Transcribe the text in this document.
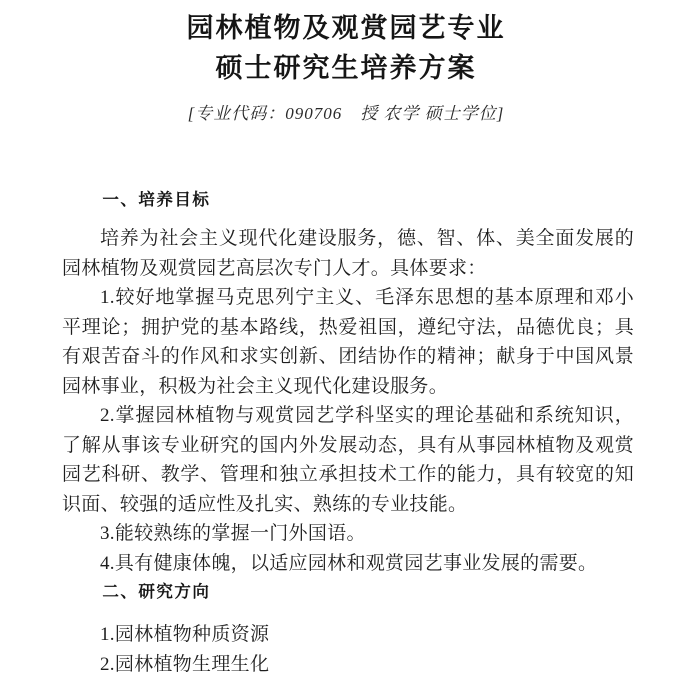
园林植物及观赏园艺专业
硕士研究生培养方案

[专业代码：090706　授 农学 硕士学位]

一、培养目标

培养为社会主义现代化建设服务，德、智、体、美全面发展的园林植物及观赏园艺高层次专门人才。具体要求：

1.较好地掌握马克思列宁主义、毛泽东思想的基本原理和邓小平理论；拥护党的基本路线，热爱祖国，遵纪守法，品德优良；具有艰苦奋斗的作风和求实创新、团结协作的精神；献身于中国风景园林事业，积极为社会主义现代化建设服务。

2.掌握园林植物与观赏园艺学科坚实的理论基础和系统知识，了解从事该专业研究的国内外发展动态，具有从事园林植物及观赏园艺科研、教学、管理和独立承担技术工作的能力，具有较宽的知识面、较强的适应性及扎实、熟练的专业技能。

3.能较熟练的掌握一门外国语。

4.具有健康体魄，以适应园林和观赏园艺事业发展的需要。

二、研究方向

1.园林植物种质资源

2.园林植物生理生化
